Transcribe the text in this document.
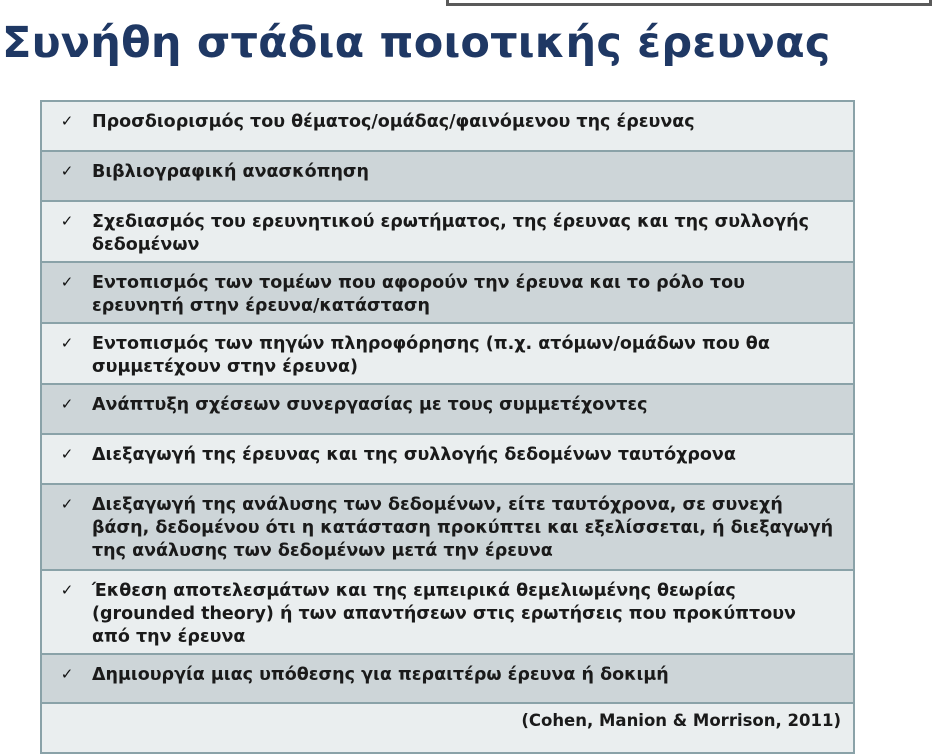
Συνήθη στάδια ποιοτικής έρευνας
✓	Προσδιορισμός του θέματος/ομάδας/φαινόμενου της έρευνας
✓	Βιβλιογραφική ανασκόπηση
✓	Σχεδιασμός του ερευνητικού ερωτήματος, της έρευνας και της συλλογής δεδομένων
✓	Εντοπισμός των τομέων που αφορούν την έρευνα και το ρόλο του ερευνητή στην έρευνα/κατάσταση
✓	Εντοπισμός των πηγών πληροφόρησης (π.χ. ατόμων/ομάδων που θα συμμετέχουν στην έρευνα)
✓	Ανάπτυξη σχέσεων συνεργασίας με τους συμμετέχοντες
✓	Διεξαγωγή της έρευνας και της συλλογής δεδομένων ταυτόχρονα
✓	Διεξαγωγή της ανάλυσης των δεδομένων, είτε ταυτόχρονα, σε συνεχή βάση, δεδομένου ότι η κατάσταση προκύπτει και εξελίσσεται, ή διεξαγωγή της ανάλυσης των δεδομένων μετά την έρευνα
✓	Έκθεση αποτελεσμάτων και της εμπειρικά θεμελιωμένης θεωρίας (grounded theory) ή των απαντήσεων στις ερωτήσεις που προκύπτουν από την έρευνα
✓	Δημιουργία μιας υπόθεσης για περαιτέρω έρευνα ή δοκιμή
(Cohen, Manion & Morrison, 2011)
